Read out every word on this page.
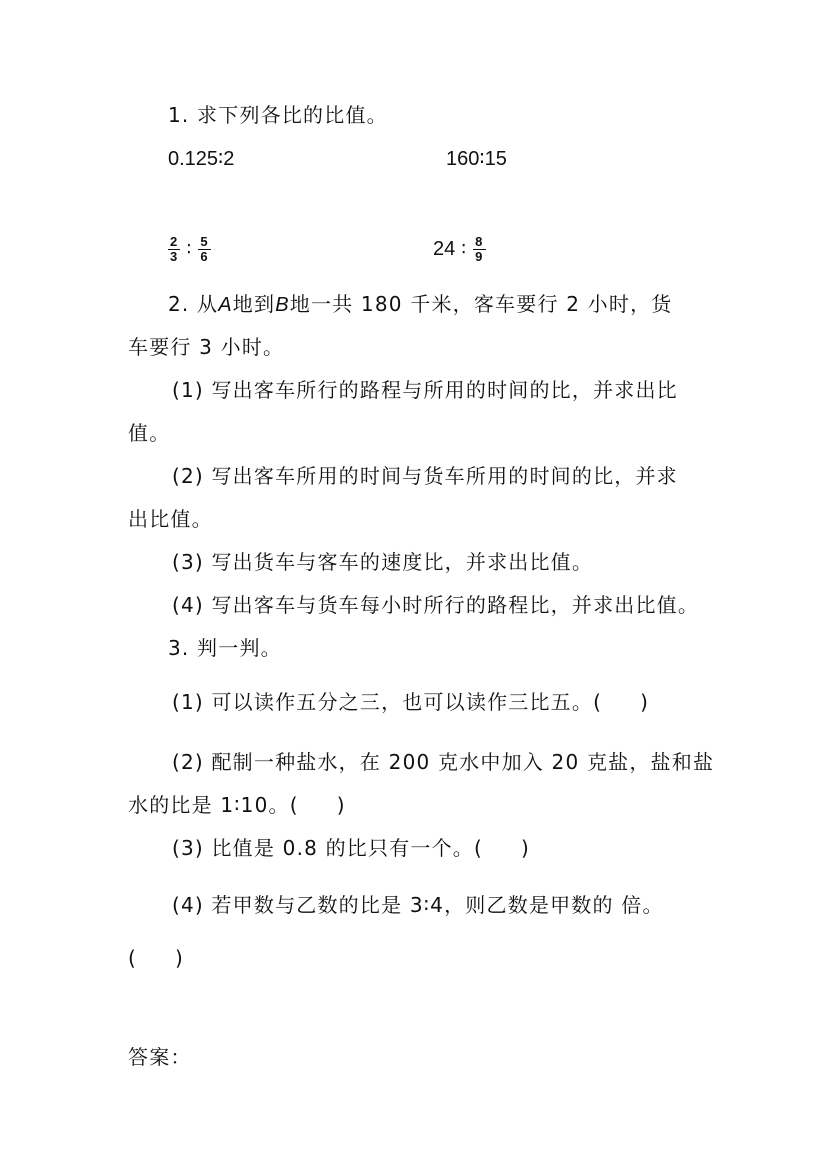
1. 求下列各比的比值。
0.125∶2	160∶15
$\frac{2}{3}$ ∶ $\frac{5}{6}$	24 ∶ $\frac{8}{9}$
2. 从A地到B地一共 180 千米，客车要行 2 小时，货
车要行 3 小时。
(1) 写出客车所行的路程与所用的时间的比，并求出比
值。
(2) 写出客车所用的时间与货车所用的时间的比，并求
出比值。
(3) 写出货车与客车的速度比，并求出比值。
(4) 写出客车与货车每小时所行的路程比，并求出比值。
3. 判一判。
(1) 可以读作五分之三，也可以读作三比五。( )
(2) 配制一种盐水，在 200 克水中加入 20 克盐，盐和盐
水的比是 1∶10。( )
(3) 比值是 0.8 的比只有一个。( )
(4) 若甲数与乙数的比是 3∶4，则乙数是甲数的 倍。
( )
答案：
